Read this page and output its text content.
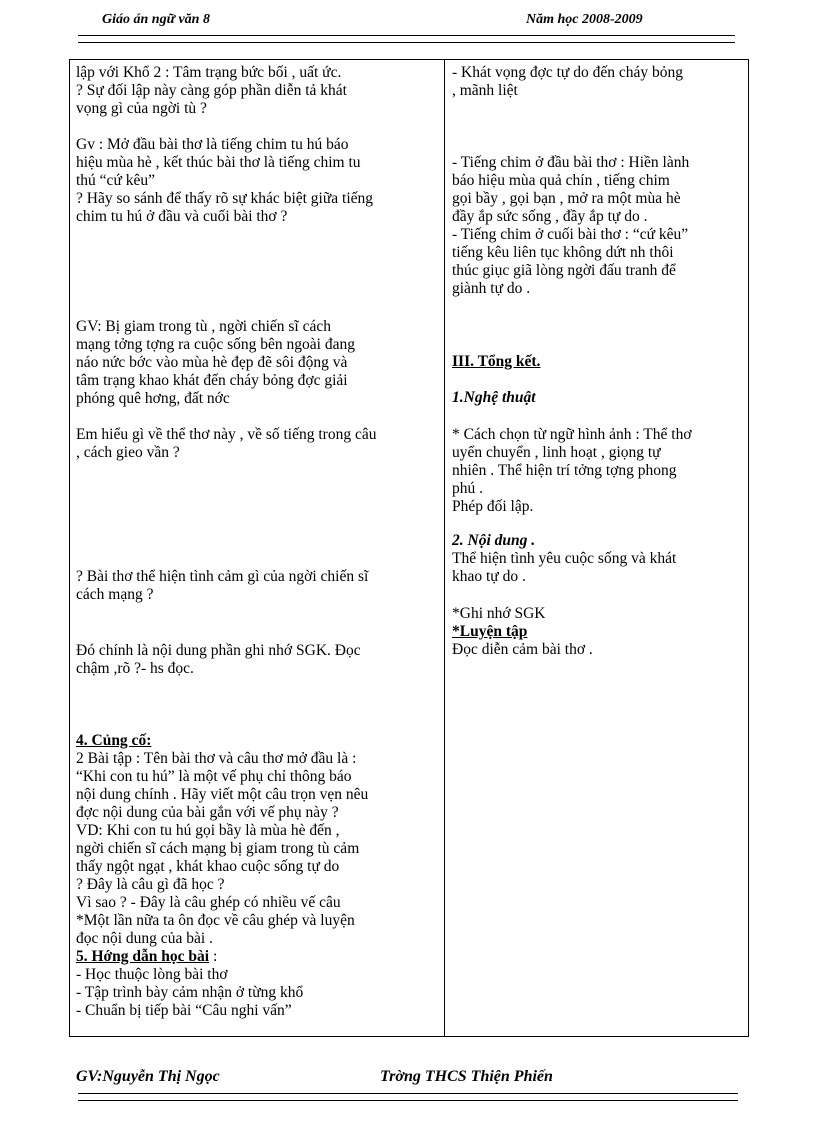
Giáo án ngữ văn 8	Năm học 2008-2009
lập với Khổ 2 : Tâm trạng bức bối , uất ức.
? Sự đối lập này càng góp phần diễn tả khát
vọng gì của ngời tù ?
Gv : Mở đầu bài thơ là tiếng chim tu hú báo
hiệu mùa hè , kết thúc bài thơ là tiếng chim tu
thú “cứ kêu”
? Hãy so sánh để thấy rõ sự khác biệt giữa tiếng
chim tu hú ở đầu và cuối bài thơ ?
GV: Bị giam trong tù , ngời chiến sĩ cách
mạng tởng tợng ra cuộc sống bên ngoài đang
náo nức bớc vào mùa hè đẹp đẽ sôi động và
tâm trạng khao khát đến cháy bỏng đợc giải
phóng quê hơng, đất nớc
Em hiểu gì về thể thơ này , về số tiếng trong câu
, cách gieo vần ?
? Bài thơ thể hiện tình cảm gì của ngời chiến sĩ
cách mạng ?
Đó chính là nội dung phần ghi nhớ SGK. Đọc
chậm ,rõ ?- hs đọc.
4. Củng cố:
2 Bài tập : Tên bài thơ và câu thơ mở đầu là :
“Khi con tu hú” là một vế phụ chỉ thông báo
nội dung chính . Hãy viết một câu trọn vẹn nêu
đợc nội dung của bài gắn với vế phụ này ?
VD: Khi con tu hú gọi bầy là mùa hè đến ,
ngời chiến sĩ cách mạng bị giam trong tù cảm
thấy ngột ngạt , khát khao cuộc sống tự do
? Đây là câu gì đã học ?
Vì sao ? - Đây là câu ghép có nhiều vế câu
*Một lần nữa ta ôn đọc về câu ghép và luyện
đọc nội dung của bài .
5. Hớng dẫn học bài :
- Học thuộc lòng bài thơ
- Tập trình bày cảm nhận ở từng khổ
- Chuẩn bị tiếp bài “Câu nghi vấn”
- Khát vọng đợc tự do đến cháy bỏng
, mãnh liệt
- Tiếng chim ở đầu bài thơ : Hiền lành
báo hiệu mùa quả chín , tiếng chim
gọi bầy , gọi bạn , mở ra một mùa hè
đầy ắp sức sống , đầy ắp tự do .
- Tiếng chim ở cuối bài thơ : “cứ kêu”
tiếng kêu liên tục không dứt nh thôi
thúc giục giã lòng ngời đấu tranh để
giành tự do .
III. Tổng kết.
1.Nghệ thuật
* Cách chọn từ ngữ hình ảnh : Thể thơ
uyển chuyển , linh hoạt , giọng tự
nhiên . Thể hiện trí tởng tợng phong
phú .
Phép đối lập.
2. Nội dung .
Thể hiện tình yêu cuộc sống và khát
khao tự do .
*Ghi nhớ SGK
*Luyện tập
Đọc diễn cảm bài thơ .
GV:Nguyễn Thị Ngọc	Trờng THCS Thiện Phiến
